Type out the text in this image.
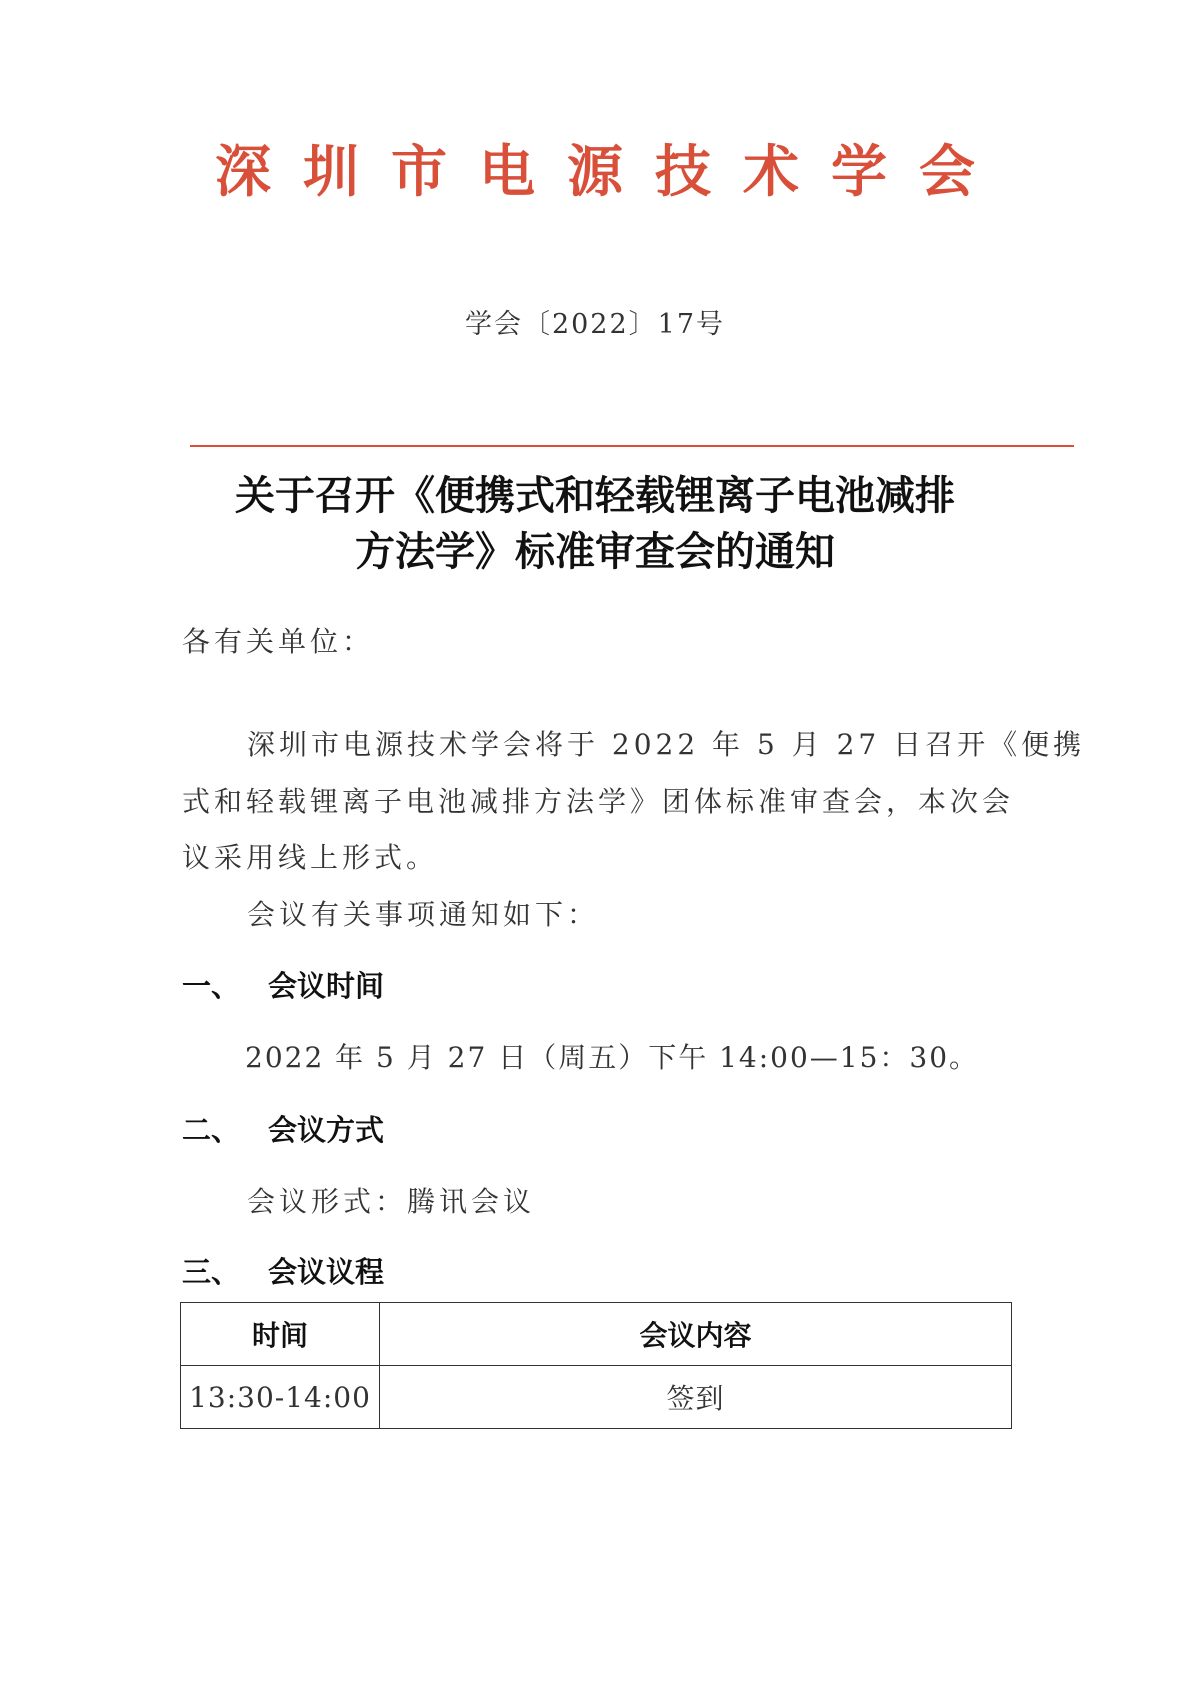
深圳市电源技术学会
学会〔2022〕17号
关于召开《便携式和轻载锂离子电池减排
方法学》标准审查会的通知
各有关单位：
深圳市电源技术学会将于 2022 年 5 月 27 日召开《便携
式和轻载锂离子电池减排方法学》团体标准审查会，本次会
议采用线上形式。
会议有关事项通知如下：
一、 会议时间
2022 年 5 月 27 日（周五）下午 14:00—15：30。
二、 会议方式
会议形式：腾讯会议
三、 会议议程
时间	会议内容
13:30-14:00	签到
